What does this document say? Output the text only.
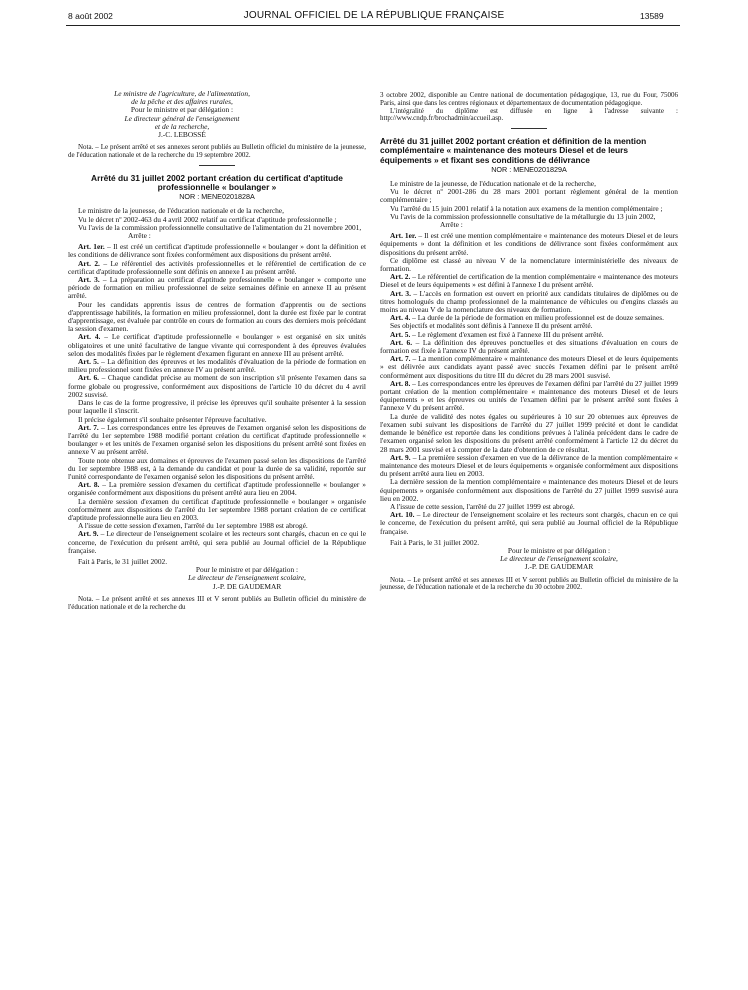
8 août 2002	JOURNAL OFFICIEL DE LA RÉPUBLIQUE FRANÇAISE	13589
Le ministre de l'agriculture, de l'alimentation,
de la pêche et des affaires rurales,
Pour le ministre et par délégation :
Le directeur général de l'enseignement
et de la recherche,
J.-C. LEBOSSÉ

Nota. – Le présent arrêté et ses annexes seront publiés au Bulletin officiel du ministère de la jeunesse, de l'éducation nationale et de la recherche du 19 septembre 2002.

Arrêté du 31 juillet 2002 portant création du certificat d'aptitude professionnelle « boulanger »
NOR : MENE0201828A

Le ministre de la jeunesse, de l'éducation nationale et de la recherche,

Vu le décret nº 2002-463 du 4 avril 2002 relatif au certificat d'aptitude professionnelle ;

Vu l'avis de la commission professionnelle consultative de l'alimentation du 21 novembre 2001,

Arrête :

Art. 1er. – Il est créé un certificat d'aptitude professionnelle « boulanger » dont la définition et les conditions de délivrance sont fixées conformément aux dispositions du présent arrêté.

Art. 2. – Le référentiel des activités professionnelles et le référentiel de certification de ce certificat d'aptitude professionnelle sont définis en annexe I au présent arrêté.

Art. 3. – La préparation au certificat d'aptitude professionnelle « boulanger » comporte une période de formation en milieu professionnel de seize semaines définie en annexe II au présent arrêté.

Pour les candidats apprentis issus de centres de formation d'apprentis ou de sections d'apprentissage habilités, la formation en milieu professionnel, dont la durée est fixée par le contrat d'apprentissage, est évaluée par contrôle en cours de formation au cours des derniers mois précédant la session d'examen.

Art. 4. – Le certificat d'aptitude professionnelle « boulanger » est organisé en six unités obligatoires et une unité facultative de langue vivante qui correspondent à des épreuves évaluées selon des modalités fixées par le règlement d'examen figurant en annexe III au présent arrêté.

Art. 5. – La définition des épreuves et les modalités d'évaluation de la période de formation en milieu professionnel sont fixées en annexe IV au présent arrêté.

Art. 6. – Chaque candidat précise au moment de son inscription s'il présente l'examen dans sa forme globale ou progressive, conformément aux dispositions de l'article 10 du décret du 4 avril 2002 susvisé.

Dans le cas de la forme progressive, il précise les épreuves qu'il souhaite présenter à la session pour laquelle il s'inscrit.

Il précise également s'il souhaite présenter l'épreuve facultative.

Art. 7. – Les correspondances entre les épreuves de l'examen organisé selon les dispositions de l'arrêté du 1er septembre 1988 modifié portant création du certificat d'aptitude professionnelle « boulanger » et les unités de l'examen organisé selon les dispositions du présent arrêté sont fixées en annexe V au présent arrêté.

Toute note obtenue aux domaines et épreuves de l'examen passé selon les dispositions de l'arrêté du 1er septembre 1988 est, à la demande du candidat et pour la durée de sa validité, reportée sur l'unité correspondante de l'examen organisé selon les dispositions du présent arrêté.

Art. 8. – La première session d'examen du certificat d'aptitude professionnelle « boulanger » organisée conformément aux dispositions du présent arrêté aura lieu en 2004.

La dernière session d'examen du certificat d'aptitude professionnelle « boulanger » organisée conformément aux dispositions de l'arrêté du 1er septembre 1988 portant création de ce certificat d'aptitude professionnelle aura lieu en 2003.

A l'issue de cette session d'examen, l'arrêté du 1er septembre 1988 est abrogé.

Art. 9. – Le directeur de l'enseignement scolaire et les recteurs sont chargés, chacun en ce qui le concerne, de l'exécution du présent arrêté, qui sera publié au Journal officiel de la République française.

Fait à Paris, le 31 juillet 2002.

Pour le ministre et par délégation :
Le directeur de l'enseignement scolaire,
J.-P. DE GAUDEMAR

Nota. – Le présent arrêté et ses annexes III et V seront publiés au Bulletin officiel du ministère de l'éducation nationale et de la recherche du

3 octobre 2002, disponible au Centre national de documentation pédagogique, 13, rue du Four, 75006 Paris, ainsi que dans les centres régionaux et départementaux de documentation pédagogique.

L'intégralité du diplôme est diffusée en ligne à l'adresse suivante : http://www.cndp.fr/brochadmin/accueil.asp.

Arrêté du 31 juillet 2002 portant création et définition de la mention complémentaire « maintenance des moteurs Diesel et de leurs équipements » et fixant ses conditions de délivrance
NOR : MENE0201829A

Le ministre de la jeunesse, de l'éducation nationale et de la recherche,

Vu le décret nº 2001-286 du 28 mars 2001 portant règlement général de la mention complémentaire ;

Vu l'arrêté du 15 juin 2001 relatif à la notation aux examens de la mention complémentaire ;

Vu l'avis de la commission professionnelle consultative de la métallurgie du 13 juin 2002,

Arrête :

Art. 1er. – Il est créé une mention complémentaire « maintenance des moteurs Diesel et de leurs équipements » dont la définition et les conditions de délivrance sont fixées conformément aux dispositions du présent arrêté.

Ce diplôme est classé au niveau V de la nomenclature interministérielle des niveaux de formation.

Art. 2. – Le référentiel de certification de la mention complémentaire « maintenance des moteurs Diesel et de leurs équipements » est défini à l'annexe I du présent arrêté.

Art. 3. – L'accès en formation est ouvert en priorité aux candidats titulaires de diplômes ou de titres homologués du champ professionnel de la maintenance de véhicules ou d'engins classés au moins au niveau V de la nomenclature des niveaux de formation.

Art. 4. – La durée de la période de formation en milieu professionnel est de douze semaines.

Ses objectifs et modalités sont définis à l'annexe II du présent arrêté.

Art. 5. – Le règlement d'examen est fixé à l'annexe III du présent arrêté.

Art. 6. – La définition des épreuves ponctuelles et des situations d'évaluation en cours de formation est fixée à l'annexe IV du présent arrêté.

Art. 7. – La mention complémentaire « maintenance des moteurs Diesel et de leurs équipements » est délivrée aux candidats ayant passé avec succès l'examen défini par le présent arrêté conformément aux dispositions du titre III du décret du 28 mars 2001 susvisé.

Art. 8. – Les correspondances entre les épreuves de l'examen défini par l'arrêté du 27 juillet 1999 portant création de la mention complémentaire « maintenance des moteurs Diesel et de leurs équipements » et les épreuves ou unités de l'examen défini par le présent arrêté sont fixées à l'annexe V du présent arrêté.

La durée de validité des notes égales ou supérieures à 10 sur 20 obtenues aux épreuves de l'examen subi suivant les dispositions de l'arrêté du 27 juillet 1999 précité et dont le candidat demande le bénéfice est reportée dans les conditions prévues à l'alinéa précédent dans le cadre de l'examen organisé selon les dispositions du présent arrêté conformément à l'article 12 du décret du 28 mars 2001 susvisé et à compter de la date d'obtention de ce résultat.

Art. 9. – La première session d'examen en vue de la délivrance de la mention complémentaire « maintenance des moteurs Diesel et de leurs équipements » organisée conformément aux dispositions du présent arrêté aura lieu en 2003.

La dernière session de la mention complémentaire « maintenance des moteurs Diesel et de leurs équipements » organisée conformément aux dispositions de l'arrêté du 27 juillet 1999 susvisé aura lieu en 2002.

A l'issue de cette session, l'arrêté du 27 juillet 1999 est abrogé.

Art. 10. – Le directeur de l'enseignement scolaire et les recteurs sont chargés, chacun en ce qui le concerne, de l'exécution du présent arrêté, qui sera publié au Journal officiel de la République française.

Fait à Paris, le 31 juillet 2002.

Pour le ministre et par délégation :
Le directeur de l'enseignement scolaire,
J.-P. DE GAUDEMAR

Nota. – Le présent arrêté et ses annexes III et V seront publiés au Bulletin officiel du ministère de la jeunesse, de l'éducation nationale et de la recherche du 30 octobre 2002.
